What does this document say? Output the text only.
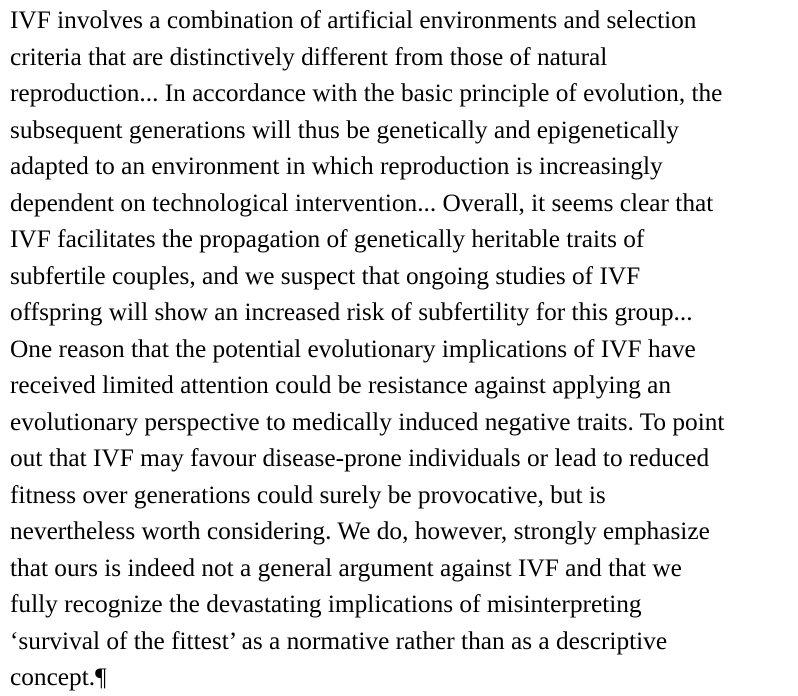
IVF involves a combination of artificial environments and selection
criteria that are distinctively different from those of natural
reproduction... In accordance with the basic principle of evolution, the
subsequent generations will thus be genetically and epigenetically
adapted to an environment in which reproduction is increasingly
dependent on technological intervention... Overall, it seems clear that
IVF facilitates the propagation of genetically heritable traits of
subfertile couples, and we suspect that ongoing studies of IVF
offspring will show an increased risk of subfertility for this group...
One reason that the potential evolutionary implications of IVF have
received limited attention could be resistance against applying an
evolutionary perspective to medically induced negative traits. To point
out that IVF may favour disease-prone individuals or lead to reduced
fitness over generations could surely be provocative, but is
nevertheless worth considering. We do, however, strongly emphasize
that ours is indeed not a general argument against IVF and that we
fully recognize the devastating implications of misinterpreting
‘survival of the fittest’ as a normative rather than as a descriptive
concept.¶
